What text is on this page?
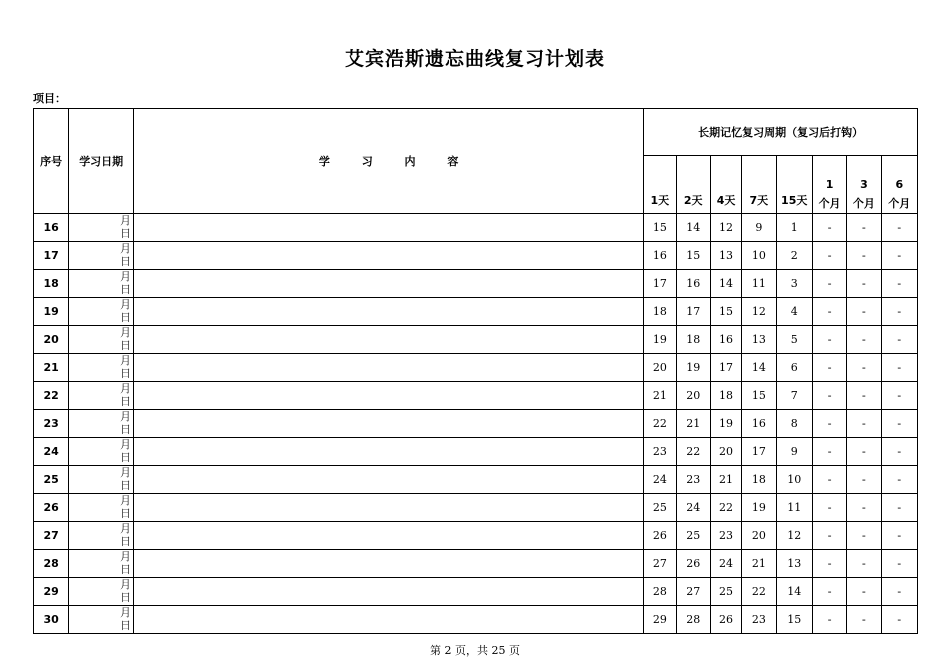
艾宾浩斯遗忘曲线复习计划表
项目：
序号	学习日期	学 习 内 容	长期记忆复习周期（复习后打钩）							
			1天	2天	4天	7天	15天	1
个月	3
个月	6
个月

16	月
日		15	14	12	9	1	-	-	-
17	月
日		16	15	13	10	2	-	-	-
18	月
日		17	16	14	11	3	-	-	-
19	月
日		18	17	15	12	4	-	-	-
20	月
日		19	18	16	13	5	-	-	-
21	月
日		20	19	17	14	6	-	-	-
22	月
日		21	20	18	15	7	-	-	-
23	月
日		22	21	19	16	8	-	-	-
24	月
日		23	22	20	17	9	-	-	-
25	月
日		24	23	21	18	10	-	-	-
26	月
日		25	24	22	19	11	-	-	-
27	月
日		26	25	23	20	12	-	-	-
28	月
日		27	26	24	21	13	-	-	-
29	月
日		28	27	25	22	14	-	-	-
30	月
日		29	28	26	23	15	-	-	-
第 2 页，共 25 页
